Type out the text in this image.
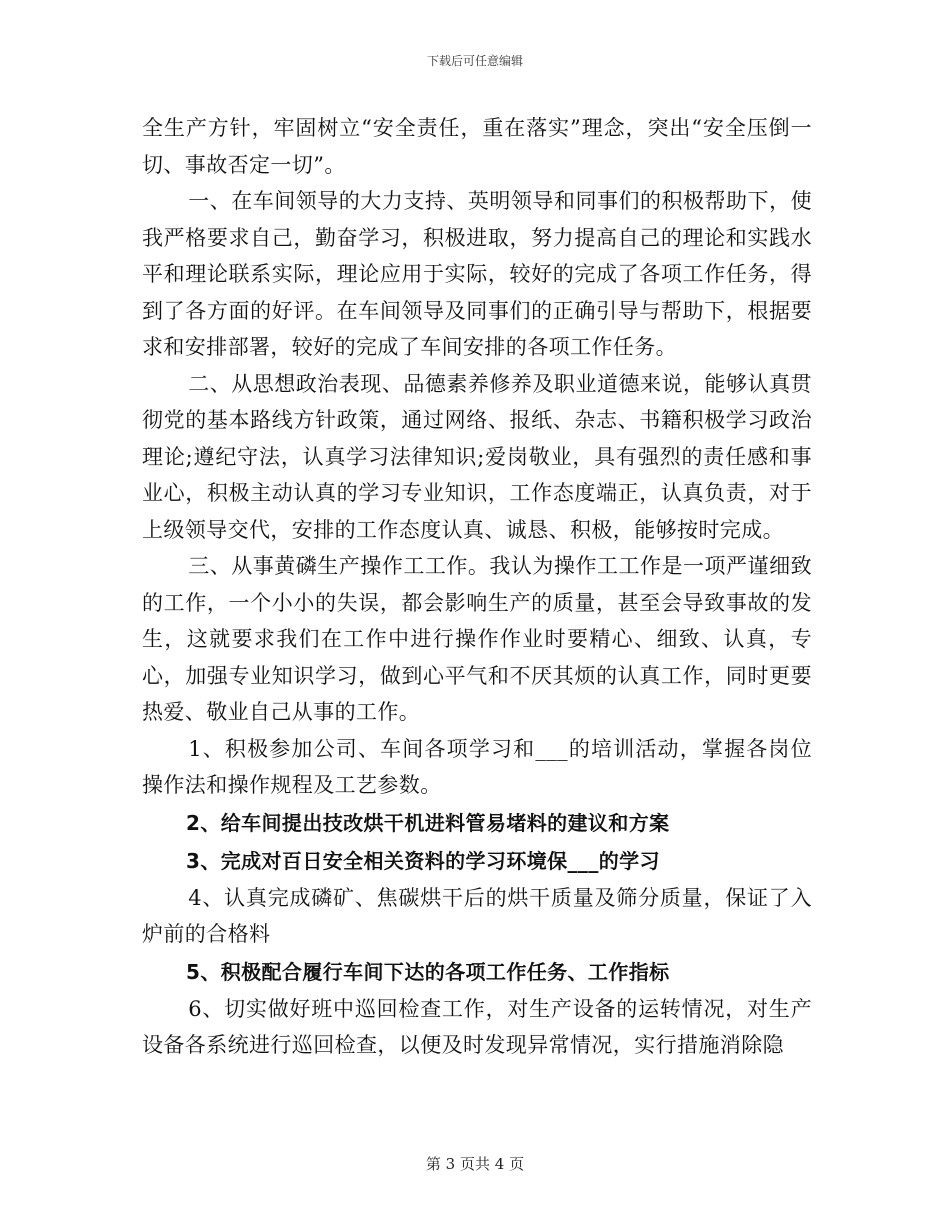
下载后可任意编辑

全生产方针，牢固树立“安全责任，重在落实”理念，突出“安全压倒一切、事故否定一切”。

一、在车间领导的大力支持、英明领导和同事们的积极帮助下，使我严格要求自己，勤奋学习，积极进取，努力提高自己的理论和实践水平和理论联系实际，理论应用于实际，较好的完成了各项工作任务，得到了各方面的好评。在车间领导及同事们的正确引导与帮助下，根据要求和安排部署，较好的完成了车间安排的各项工作任务。

二、从思想政治表现、品德素养修养及职业道德来说，能够认真贯彻党的基本路线方针政策，通过网络、报纸、杂志、书籍积极学习政治理论;遵纪守法，认真学习法律知识;爱岗敬业，具有强烈的责任感和事业心，积极主动认真的学习专业知识，工作态度端正，认真负责，对于上级领导交代，安排的工作态度认真、诚恳、积极，能够按时完成。

三、从事黄磷生产操作工工作。我认为操作工工作是一项严谨细致的工作，一个小小的失误，都会影响生产的质量，甚至会导致事故的发生，这就要求我们在工作中进行操作作业时要精心、细致、认真，专心，加强专业知识学习，做到心平气和不厌其烦的认真工作，同时更要热爱、敬业自己从事的工作。

1、积极参加公司、车间各项学习和___的培训活动，掌握各岗位操作法和操作规程及工艺参数。

2、给车间提出技改烘干机进料管易堵料的建议和方案

3、完成对百日安全相关资料的学习环境保___的学习

4、认真完成磷矿、焦碳烘干后的烘干质量及筛分质量，保证了入炉前的合格料

5、积极配合履行车间下达的各项工作任务、工作指标

6、切实做好班中巡回检查工作，对生产设备的运转情况，对生产设备各系统进行巡回检查，以便及时发现异常情况，实行措施消除隐

第 3 页共 4 页
